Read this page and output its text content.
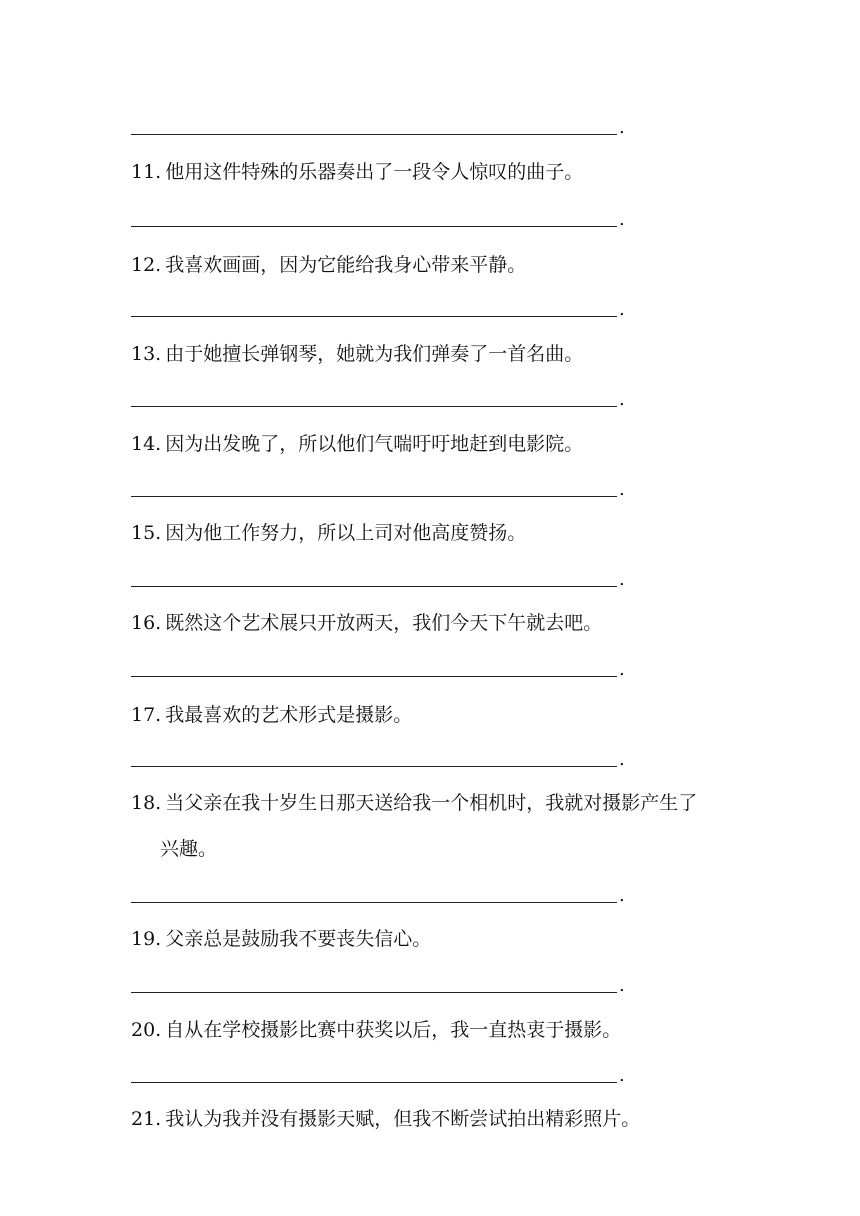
.
11. 他用这件特殊的乐器奏出了一段令人惊叹的曲子。
.
12. 我喜欢画画，因为它能给我身心带来平静。
.
13. 由于她擅长弹钢琴，她就为我们弹奏了一首名曲。
.
14. 因为出发晚了，所以他们气喘吁吁地赶到电影院。
.
15. 因为他工作努力，所以上司对他高度赞扬。
.
16. 既然这个艺术展只开放两天，我们今天下午就去吧。
.
17. 我最喜欢的艺术形式是摄影。
.
18. 当父亲在我十岁生日那天送给我一个相机时，我就对摄影产生了
兴趣。
.
19. 父亲总是鼓励我不要丧失信心。
.
20. 自从在学校摄影比赛中获奖以后，我一直热衷于摄影。
.
21. 我认为我并没有摄影天赋，但我不断尝试拍出精彩照片。
